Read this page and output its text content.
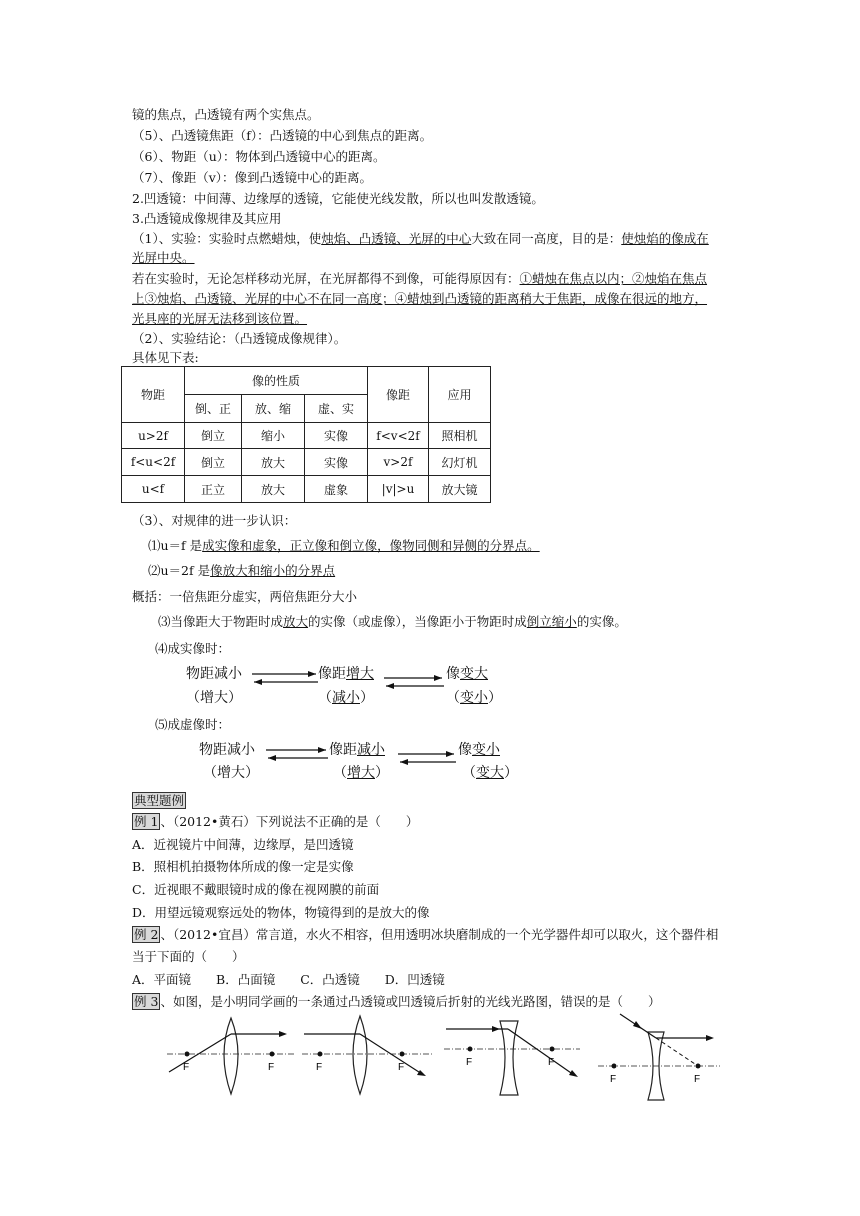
镜的焦点，凸透镜有两个实焦点。
（5）、凸透镜焦距（f）：凸透镜的中心到焦点的距离。
（6）、物距（u）：物体到凸透镜中心的距离。
（7）、像距（v）：像到凸透镜中心的距离。
2.凹透镜：中间薄、边缘厚的透镜，它能使光线发散，所以也叫发散透镜。
3.凸透镜成像规律及其应用
（1）、实验：实验时点燃蜡烛，使烛焰、凸透镜、光屏的中心大致在同一高度，目的是：使烛焰的像成在
光屏中央。
若在实验时，无论怎样移动光屏，在光屏都得不到像，可能得原因有：①蜡烛在焦点以内；②烛焰在焦点
上③烛焰、凸透镜、光屏的中心不在同一高度；④蜡烛到凸透镜的距离稍大于焦距，成像在很远的地方，
光具座的光屏无法移到该位置。
（2）、实验结论：（凸透镜成像规律）。
具体见下表:
物距	像的性质			像距	应用
	倒、正	放、缩	虚、实		
u>2f	倒立	缩小	实像	f<v<2f	照相机
f<u<2f	倒立	放大	实像	v>2f	幻灯机
u<f	正立	放大	虚象	|v|>u	放大镜
（3）、对规律的进一步认识：
⑴u＝f 是成实像和虚象，正立像和倒立像，像物同侧和异侧的分界点。
⑵u＝2f 是像放大和缩小的分界点
概括：一倍焦距分虚实，两倍焦距分大小
⑶当像距大于物距时成放大的实像（或虚像），当像距小于物距时成倒立缩小的实像。
⑷成实像时：
物距减小
（增大）
像距增大
（减小）
像变大
（变小）
⑸成虚像时：
物距减小
（增大）
像距减小
（增大）
像变小
（变大）
典型题例
例 1 、（2012•黄石）下列说法不正确的是（　　）
A．近视镜片中间薄，边缘厚，是凹透镜
B．照相机拍摄物体所成的像一定是实像
C．近视眼不戴眼镜时成的像在视网膜的前面
D．用望远镜观察远处的物体，物镜得到的是放大的像
例 2 、（2012•宜昌）常言道，水火不相容，但用透明冰块磨制成的一个光学器件却可以取火，这个器件相
当于下面的（　　）
A．平面镜　　B．凸面镜　　C．凸透镜　　D．凹透镜
例 3 、如图，是小明同学画的一条通过凸透镜或凹透镜后折射的光线光路图，错误的是（　　）
F	F	F	F	F	F
F	F
